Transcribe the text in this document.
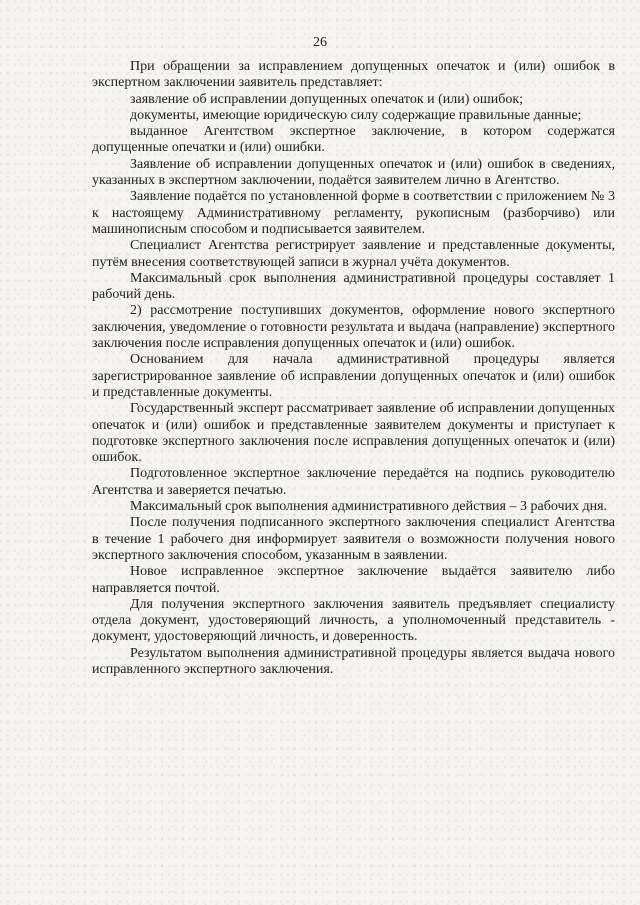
26

При обращении за исправлением допущенных опечаток и (или) ошибок в экспертном заключении заявитель представляет:

заявление об исправлении допущенных опечаток и (или) ошибок;

документы, имеющие юридическую силу содержащие правильные данные;

выданное Агентством экспертное заключение, в котором содержатся допущенные опечатки и (или) ошибки.

Заявление об исправлении допущенных опечаток и (или) ошибок в сведениях, указанных в экспертном заключении, подаётся заявителем лично в Агентство.

Заявление подаётся по установленной форме в соответствии с приложением № 3 к настоящему Административному регламенту, рукописным (разборчиво) или машинописным способом и подписывается заявителем.

Специалист Агентства регистрирует заявление и представленные документы, путём внесения соответствующей записи в журнал учёта документов.

Максимальный срок выполнения административной процедуры составляет 1 рабочий день.

2) рассмотрение поступивших документов, оформление нового экспертного заключения, уведомление о готовности результата и выдача (направление) экспертного заключения после исправления допущенных опечаток и (или) ошибок.

Основанием для начала административной процедуры является зарегистрированное заявление об исправлении допущенных опечаток и (или) ошибок и представленные документы.

Государственный эксперт рассматривает заявление об исправлении допущенных опечаток и (или) ошибок и представленные заявителем документы и приступает к подготовке экспертного заключения после исправления допущенных опечаток и (или) ошибок.

Подготовленное экспертное заключение передаётся на подпись руководителю Агентства и заверяется печатью.

Максимальный срок выполнения административного действия – 3 рабочих дня.

После получения подписанного экспертного заключения специалист Агентства в течение 1 рабочего дня информирует заявителя о возможности получения нового экспертного заключения способом, указанным в заявлении.

Новое исправленное экспертное заключение выдаётся заявителю либо направляется почтой.

Для получения экспертного заключения заявитель предъявляет специалисту отдела документ, удостоверяющий личность, а уполномоченный представитель - документ, удостоверяющий личность, и доверенность.

Результатом выполнения административной процедуры является выдача нового исправленного экспертного заключения.
